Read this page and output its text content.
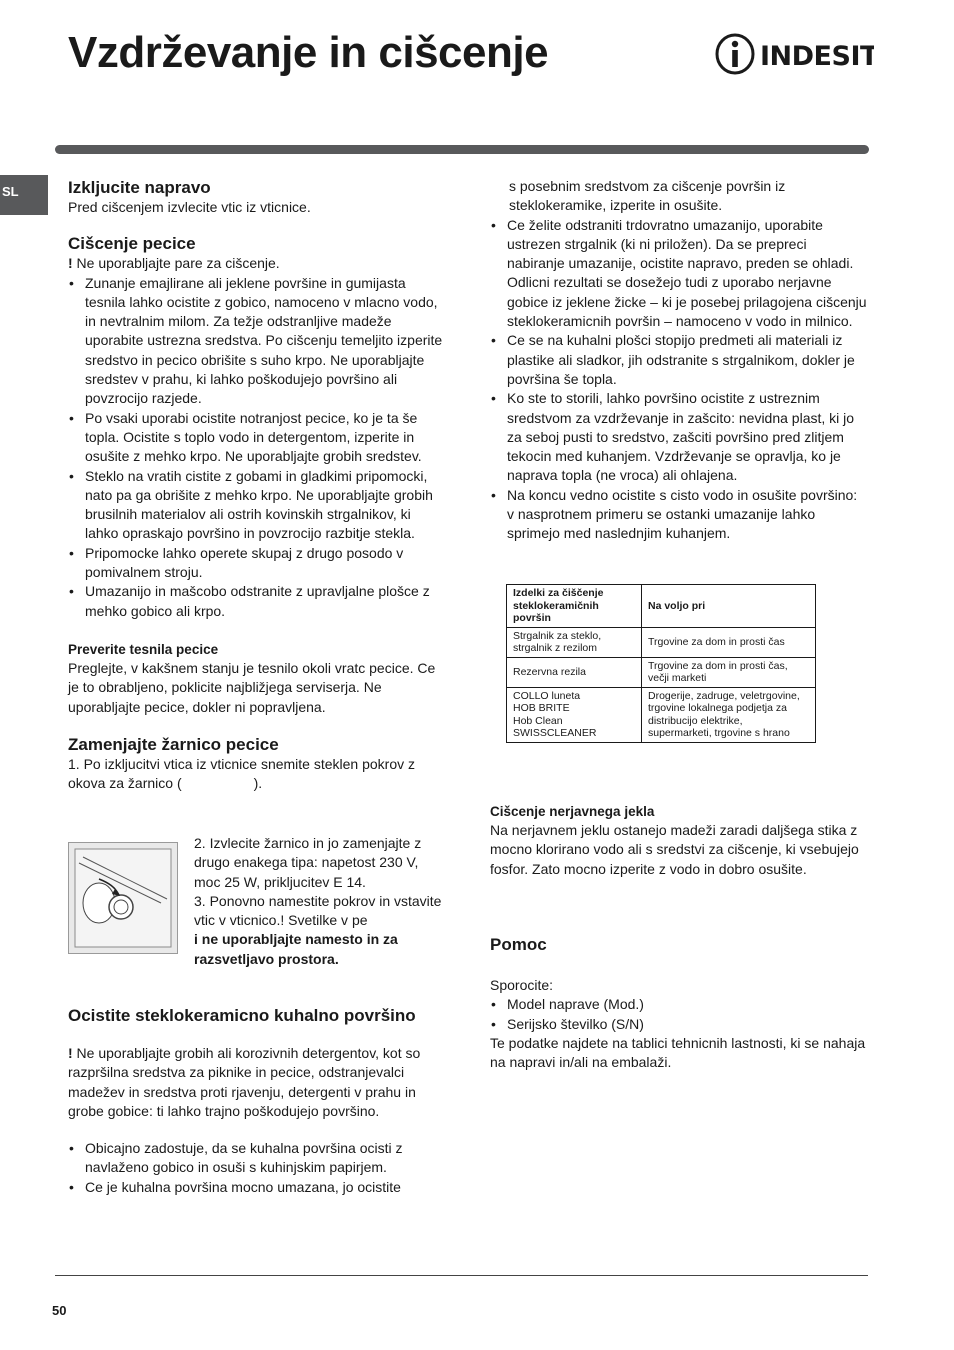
Vzdrževanje in cišcenje	INDESIT
SL	Izkljucite napravo

Pred cišcenjem izvlecite vtic iz vticnice.

Cišcenje pecice

! Ne uporabljajte pare za cišcenje.

• Zunanje emajlirane ali jeklene površine in gumijasta tesnila lahko ocistite z gobico, namoceno v mlacno vodo, in nevtralnim milom. Za težje odstranljive madeže uporabite ustrezna sredstva. Po cišcenju temeljito izperite sredstvo in pecico obrišite s suho krpo. Ne uporabljajte sredstev v prahu, ki lahko poškodujejo površino ali povzrocijo razjede.
• Po vsaki uporabi ocistite notranjost pecice, ko je ta še topla. Ocistite s toplo vodo in detergentom, izperite in osušite z mehko krpo. Ne uporabljajte grobih sredstev.
• Steklo na vratih cistite z gobami in gladkimi pripomocki, nato pa ga obrišite z mehko krpo. Ne uporabljajte grobih brusilnih materialov ali ostrih kovinskih strgalnikov, ki lahko opraskajo površino in povzrocijo razbitje stekla.
• Pripomocke lahko operete skupaj z drugo posodo v pomivalnem stroju.
• Umazanijo in mašcobo odstranite z upravljalne plošce z mehko gobico ali krpo.
Preverite tesnila pecice

Preglejte, v kakšnem stanju je tesnilo okoli vratc pecice. Ce je to obrabljeno, poklicite najbližjega serviserja. Ne uporabljajte pecice, dokler ni popravljena.

Zamenjajte žarnico pecice

1. Po izkljucitvi vtica iz vticnice snemite steklen pokrov z okova za žarnico (	).

2. Izvlecite žarnico in jo zamenjajte z drugo enakega tipa: napetost 230 V, moc 25 W, prikljucitev E 14.

3. Ponovno namestite pokrov in vstavite vtic v vticnico.! Svetilke v pe

i ne uporabljajte namesto in za razsvetljavo prostora.

Ocistite steklokeramicno kuhalno površino

! Ne uporabljajte grobih ali korozivnih detergentov, kot so razpršilna sredstva za piknike in pecice, odstranjevalci madežev in sredstva proti rjavenju, detergenti v prahu in grobe gobice: ti lahko trajno poškodujejo površino.

• Obicajno zadostuje, da se kuhalna površina ocisti z navlaženo gobico in osuši s kuhinjskim papirjem.
• Ce je kuhalna površina mocno umazana, jo ocistite

s posebnim sredstvom za cišcenje površin iz steklokeramike, izperite in osušite.

• Ce želite odstraniti trdovratno umazanijo, uporabite ustrezen strgalnik (ki ni priložen). Da se prepreci nabiranje umazanije, ocistite napravo, preden se ohladi. Odlicni rezultati se dosežejo tudi z uporabo nerjavne gobice iz jeklene žicke – ki je posebej prilagojena cišcenju steklokeramicnih površin – namoceno v vodo in milnico.
• Ce se na kuhalni plošci stopijo predmeti ali materiali iz plastike ali sladkor, jih odstranite s strgalnikom, dokler je površina še topla.
• Ko ste to storili, lahko površino ocistite z ustreznim sredstvom za vzdrževanje in zašcito: nevidna plast, ki jo za seboj pusti to sredstvo, zašciti površino pred zlitjem tekocin med kuhanjem. Vzdrževanje se opravlja, ko je naprava topla (ne vroca) ali ohlajena.
• Na koncu vedno ocistite s cisto vodo in osušite površino: v nasprotnem primeru se ostanki umazanije lahko sprimejo med naslednjim kuhanjem.
Izdelki za čiščenje steklokeramičnih površin	Na voljo pri
Strgalnik za steklo, strgalnik z rezilom	Trgovine za dom in prosti čas
Rezervna rezila	Trgovine za dom in prosti čas, večji marketi
COLLO luneta
HOB BRITE
Hob Clean
SWISSCLEANER	Drogerije, zadruge, veletrgovine, trgovine lokalnega podjetja za distribucijo elektrike, supermarketi, trgovine s hrano
Cišcenje nerjavnega jekla

Na nerjavnem jeklu ostanejo madeži zaradi daljšega stika z mocno klorirano vodo ali s sredstvi za cišcenje, ki vsebujejo fosfor. Zato mocno izperite z vodo in dobro osušite.

Pomoc

Sporocite:

• Model naprave (Mod.)
• Serijsko številko (S/N)

Te podatke najdete na tablici tehnicnih lastnosti, ki se nahaja na napravi in/ali na embalaži.

50
